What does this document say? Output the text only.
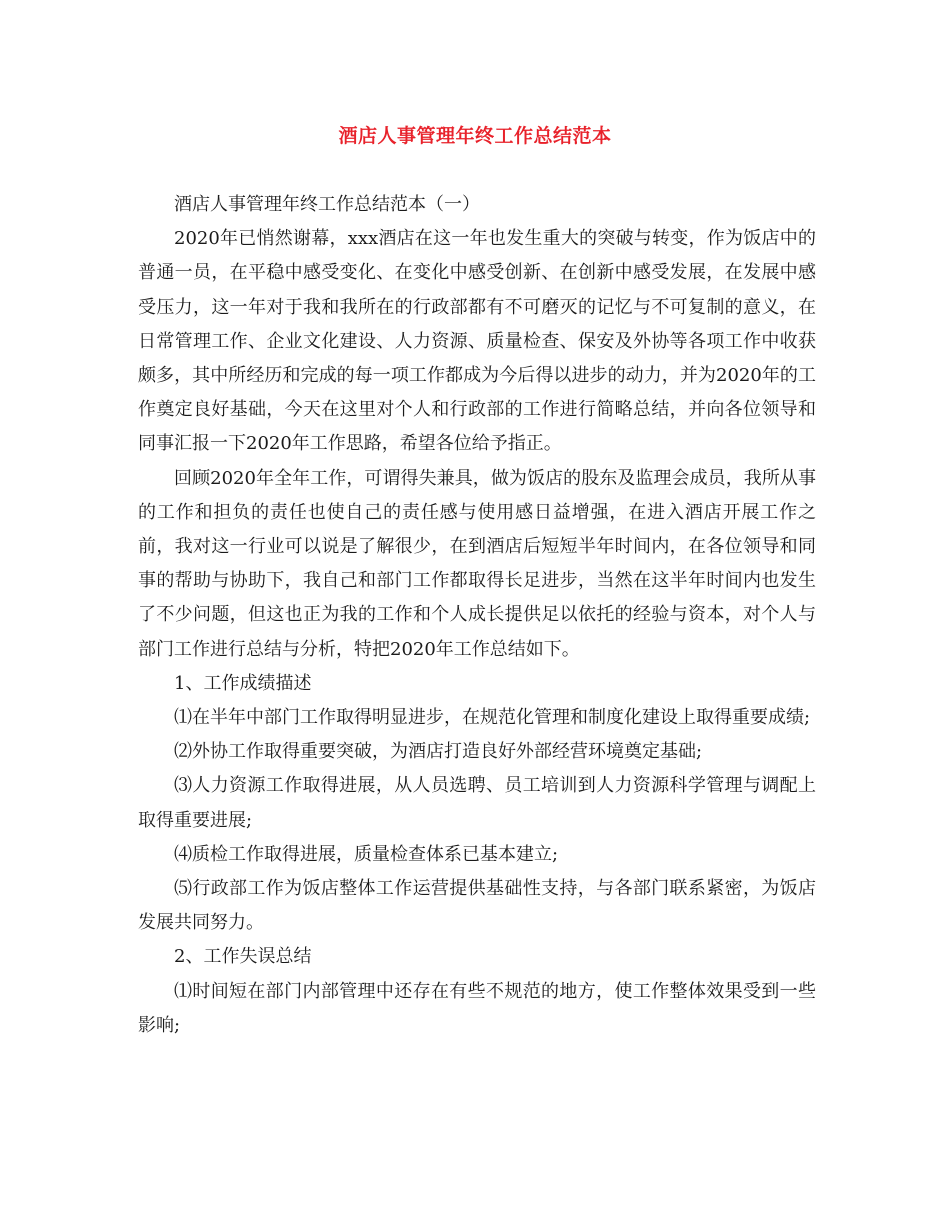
酒店人事管理年终工作总结范本

酒店人事管理年终工作总结范本（一）

2020年已悄然谢幕，xxx酒店在这一年也发生重大的突破与转变，作为饭店中的普通一员，在平稳中感受变化、在变化中感受创新、在创新中感受发展，在发展中感受压力，这一年对于我和我所在的行政部都有不可磨灭的记忆与不可复制的意义，在日常管理工作、企业文化建设、人力资源、质量检查、保安及外协等各项工作中收获颇多，其中所经历和完成的每一项工作都成为今后得以进步的动力，并为2020年的工作奠定良好基础，今天在这里对个人和行政部的工作进行简略总结，并向各位领导和同事汇报一下2020年工作思路，希望各位给予指正。

回顾2020年全年工作，可谓得失兼具，做为饭店的股东及监理会成员，我所从事的工作和担负的责任也使自己的责任感与使用感日益增强，在进入酒店开展工作之前，我对这一行业可以说是了解很少，在到酒店后短短半年时间内，在各位领导和同事的帮助与协助下，我自己和部门工作都取得长足进步，当然在这半年时间内也发生了不少问题，但这也正为我的工作和个人成长提供足以依托的经验与资本，对个人与部门工作进行总结与分析，特把2020年工作总结如下。

1、工作成绩描述

⑴在半年中部门工作取得明显进步，在规范化管理和制度化建设上取得重要成绩;

⑵外协工作取得重要突破，为酒店打造良好外部经营环境奠定基础;

⑶人力资源工作取得进展，从人员选聘、员工培训到人力资源科学管理与调配上取得重要进展;

⑷质检工作取得进展，质量检查体系已基本建立;

⑸行政部工作为饭店整体工作运营提供基础性支持，与各部门联系紧密，为饭店发展共同努力。

2、工作失误总结

⑴时间短在部门内部管理中还存在有些不规范的地方，使工作整体效果受到一些影响;
